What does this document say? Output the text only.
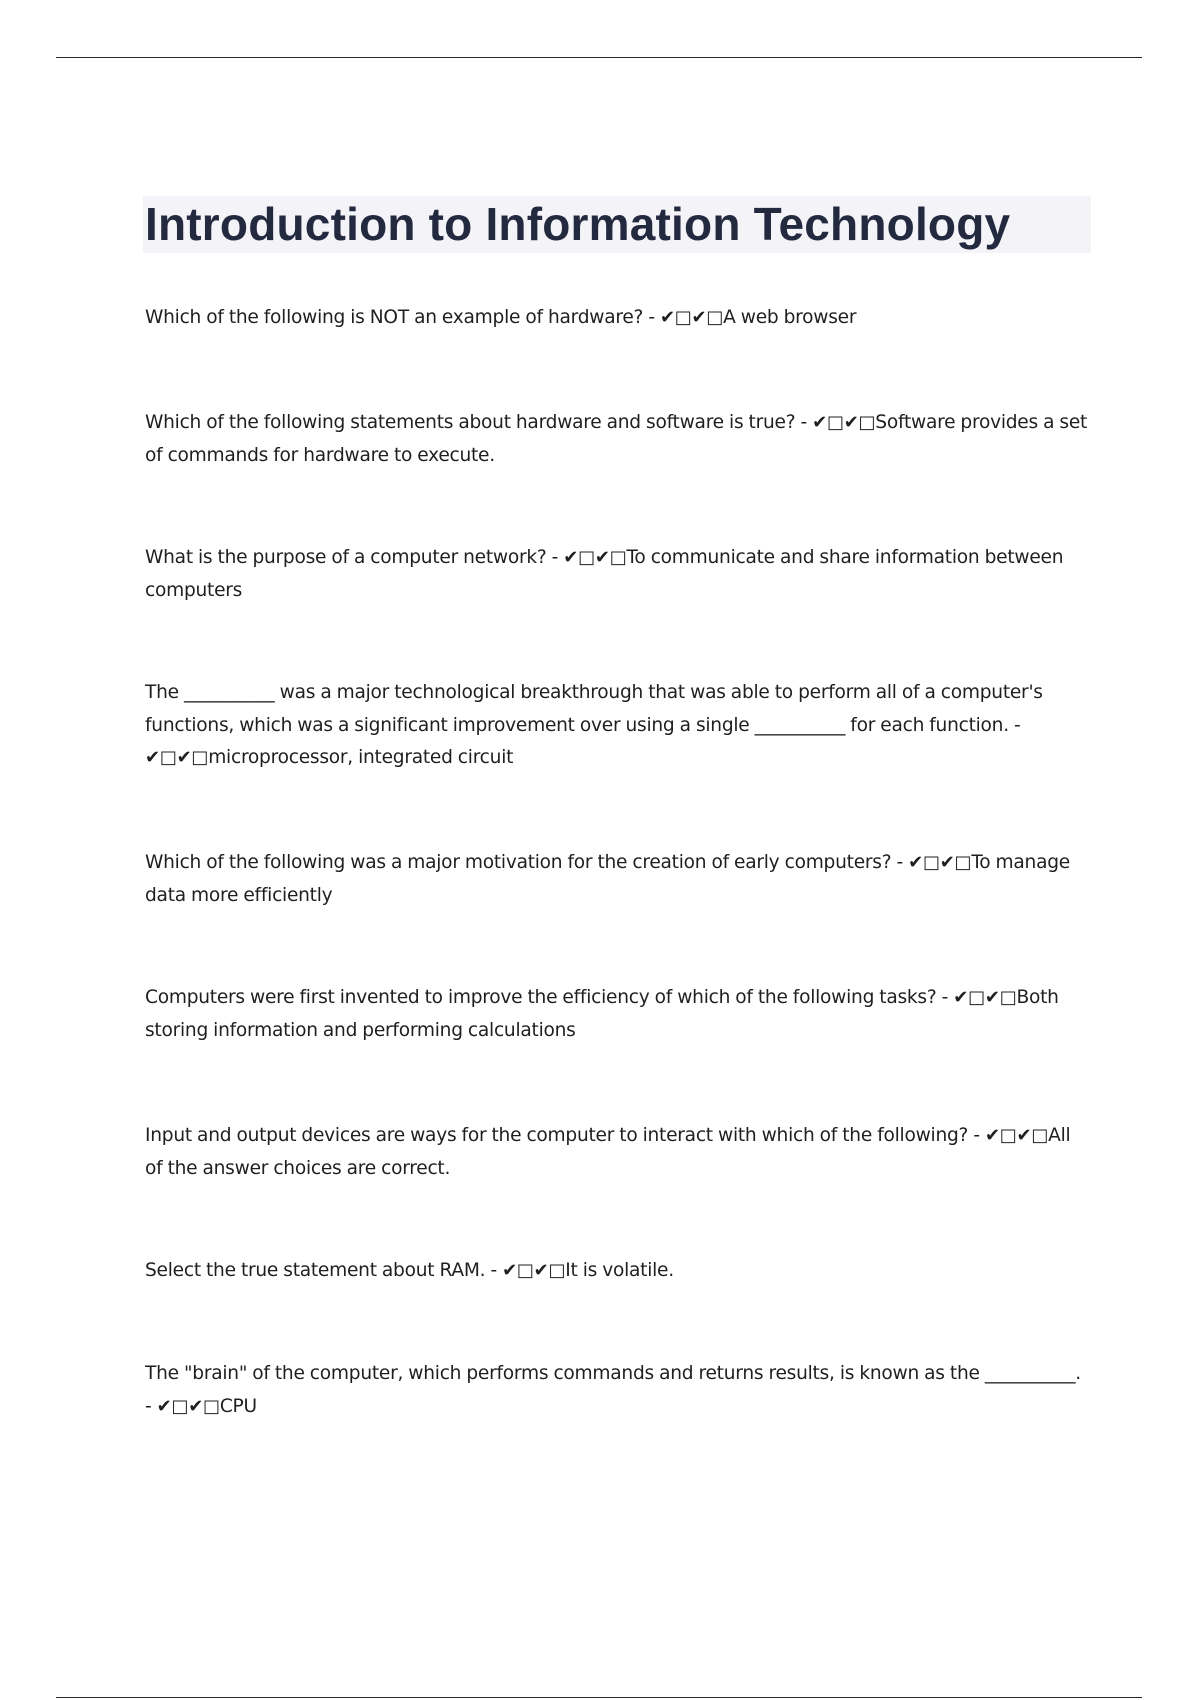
Introduction to Information Technology

Which of the following is NOT an example of hardware? - ✔□✔□A web browser

Which of the following statements about hardware and software is true? - ✔□✔□Software provides a set of commands for hardware to execute.

What is the purpose of a computer network? - ✔□✔□To communicate and share information between computers

The __________ was a major technological breakthrough that was able to perform all of a computer's functions, which was a significant improvement over using a single __________ for each function. - ✔□✔□microprocessor, integrated circuit

Which of the following was a major motivation for the creation of early computers? - ✔□✔□To manage data more efficiently

Computers were first invented to improve the efficiency of which of the following tasks? - ✔□✔□Both storing information and performing calculations

Input and output devices are ways for the computer to interact with which of the following? - ✔□✔□All of the answer choices are correct.

Select the true statement about RAM. - ✔□✔□It is volatile.

The "brain" of the computer, which performs commands and returns results, is known as the __________. - ✔□✔□CPU
